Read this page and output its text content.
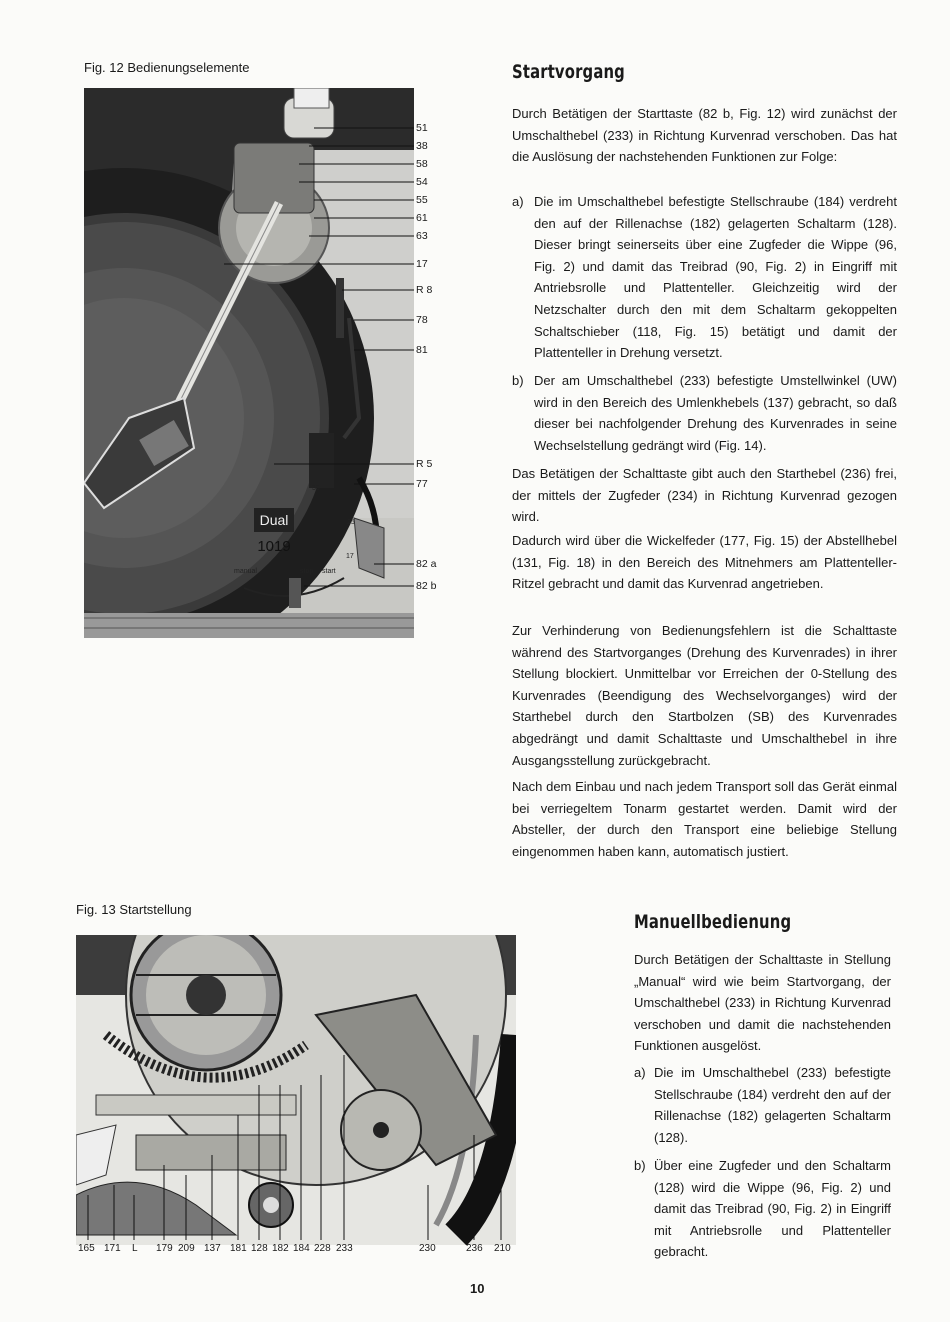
Fig. 12 Bedienungselemente
Dual
1019
manual	stop start
30
25
17
51
38
58
54
55
61
63
17
R 8
78
81
R 5
77
82 a
82 b
Startvorgang

Durch Betätigen der Starttaste (82 b, Fig. 12) wird zunächst der Umschalthebel (233) in Richtung Kurvenrad verschoben. Das hat die Auslösung der nachstehenden Funktionen zur Folge:

a) Die im Umschalthebel befestigte Stellschraube (184) verdreht den auf der Rillenachse (182) gelagerten Schaltarm (128). Dieser bringt seinerseits über eine Zugfeder die Wippe (96, Fig. 2) und damit das Treibrad (90, Fig. 2) in Eingriff mit Antriebsrolle und Plattenteller. Gleichzeitig wird der Netzschalter durch den mit dem Schaltarm gekoppelten Schaltschieber (118, Fig. 15) betätigt und damit der Plattenteller in Drehung versetzt.
b) Der am Umschalthebel (233) befestigte Umstellwinkel (UW) wird in den Bereich des Umlenkhebels (137) gebracht, so daß dieser bei nachfolgender Drehung des Kurvenrades in seine Wechselstellung gedrängt wird (Fig. 14).

Das Betätigen der Schalttaste gibt auch den Starthebel (236) frei, der mittels der Zugfeder (234) in Richtung Kurvenrad gezogen wird.

Dadurch wird über die Wickelfeder (177, Fig. 15) der Abstellhebel (131, Fig. 18) in den Bereich des Mitnehmers am Plattenteller-Ritzel gebracht und damit das Kurvenrad angetrieben.

Zur Verhinderung von Bedienungsfehlern ist die Schalttaste während des Startvorganges (Drehung des Kurvenrades) in ihrer Stellung blockiert. Unmittelbar vor Erreichen der 0-Stellung des Kurvenrades (Beendigung des Wechselvorganges) wird der Starthebel durch den Startbolzen (SB) des Kurvenrades abgedrängt und damit Schalttaste und Umschalthebel in ihre Ausgangsstellung zurückgebracht.

Nach dem Einbau und nach jedem Transport soll das Gerät einmal bei verriegeltem Tonarm gestartet werden. Damit wird der Absteller, der durch den Transport eine beliebige Stellung eingenommen haben kann, automatisch justiert.

Fig. 13 Startstellung
165 171 L 179 209 137 181 128 182 184 228 233	230	236 210
Manuellbedienung

Durch Betätigen der Schalttaste in Stellung „Manual“ wird wie beim Startvorgang, der Umschalthebel (233) in Richtung Kurvenrad verschoben und damit die nachstehenden Funktionen ausgelöst.

a) Die im Umschalthebel (233) befestigte Stellschraube (184) verdreht den auf der Rillenachse (182) gelagerten Schaltarm (128).
b) Über eine Zugfeder und den Schaltarm (128) wird die Wippe (96, Fig. 2) und damit das Treibrad (90, Fig. 2) in Eingriff mit Antriebsrolle und Plattenteller gebracht.
10
